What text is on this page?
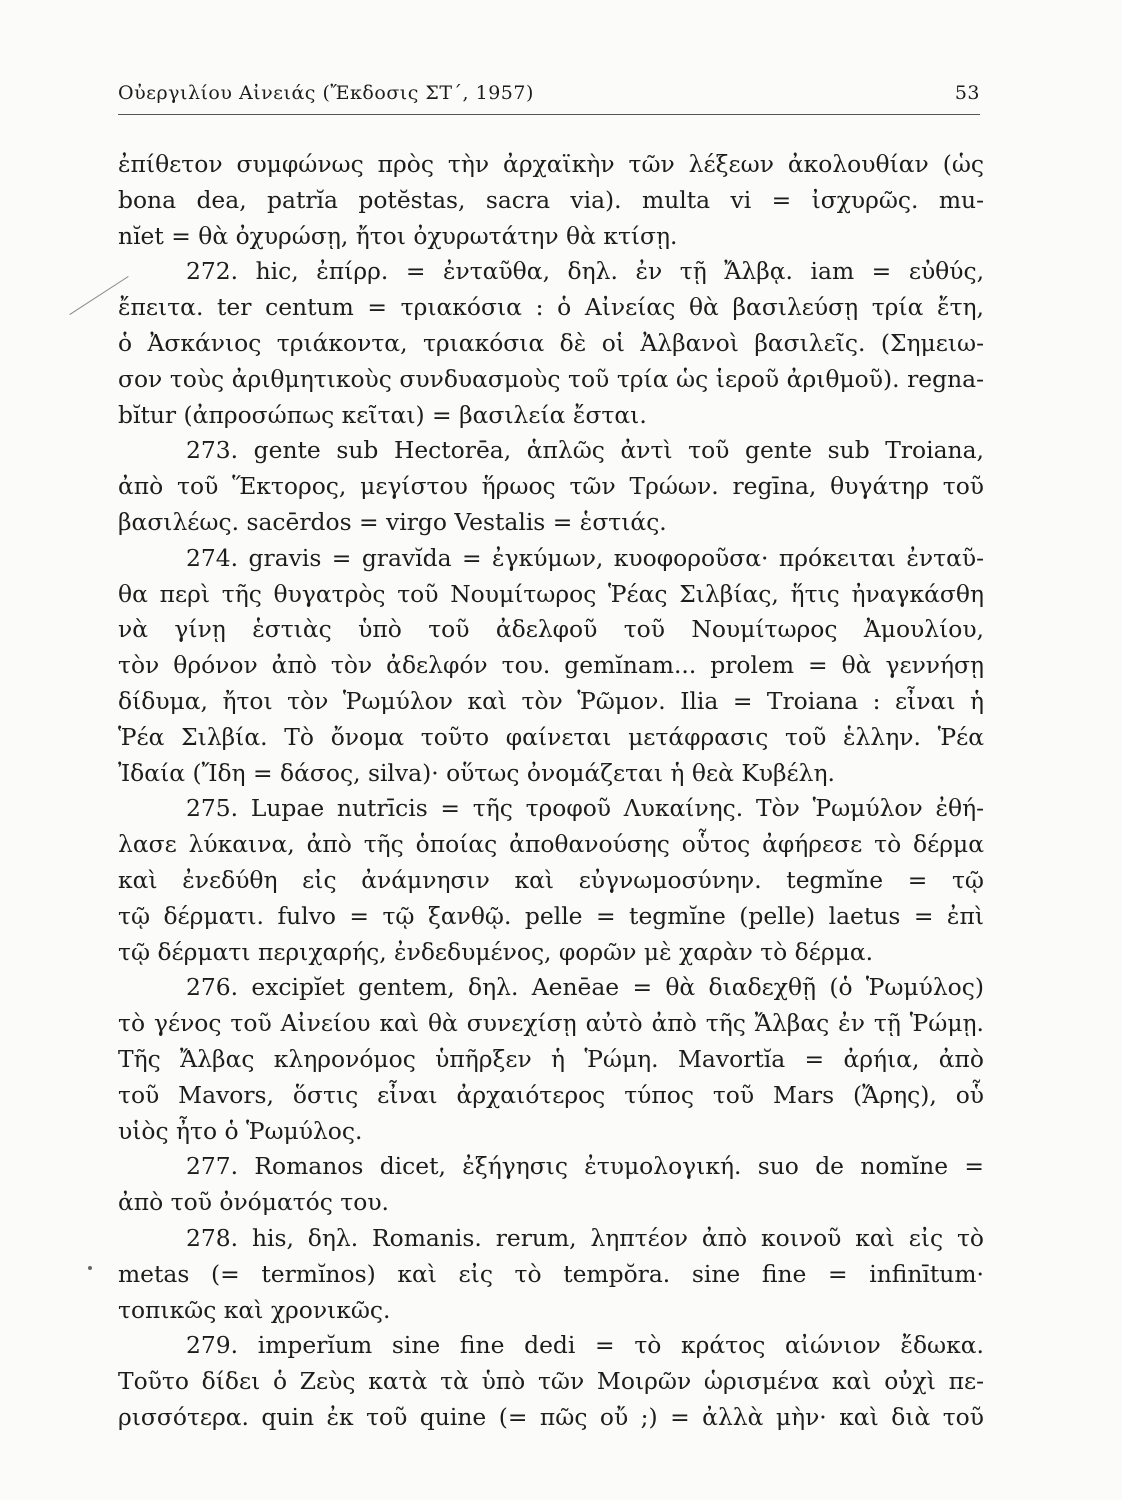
Οὐεργιλίου Αἰνειάς (Ἔκδοσις ΣΤ΄, 1957)	53
ἐπίθετον συμφώνως πρὸς τὴν ἀρχαϊκὴν τῶν λέξεων ἀκολουθίαν (ὡς
bona dea, patrĭa potĕstas, sacra via). multa vi = ἰσχυρῶς. mu-
nĭet = θὰ ὀχυρώσῃ, ἤτοι ὀχυρωτάτην θὰ κτίσῃ.
272. hic, ἐπίρρ. = ἐνταῦθα, δηλ. ἐν τῇ Ἄλβᾳ. iam = εὐθύς,
ἔπειτα. ter centum = τριακόσια : ὁ Αἰνείας θὰ βασιλεύσῃ τρία ἔτη,
ὁ Ἀσκάνιος τριάκοντα, τριακόσια δὲ οἱ Ἀλβανοὶ βασιλεῖς. (Σημειω-
σον τοὺς ἀριθμητικοὺς συνδυασμοὺς τοῦ τρία ὡς ἱεροῦ ἀριθμοῦ). regna-
bĭtur (ἀπροσώπως κεῖται) = βασιλεία ἔσται.
273. gente sub Hectorēa, ἁπλῶς ἀντὶ τοῦ gente sub Troiana,
ἀπὸ τοῦ Ἕκτορος, μεγίστου ἥρωος τῶν Τρώων. regīna, θυγάτηρ τοῦ
βασιλέως. sacērdos = virgo Vestalis = ἑστιάς.
274. gravis = gravĭda = ἐγκύμων, κυοφοροῦσα· πρόκειται ἐνταῦ-
θα περὶ τῆς θυγατρὸς τοῦ Νουμίτωρος Ῥέας Σιλβίας, ἥτις ἠναγκάσθη
νὰ γίνῃ ἑστιὰς ὑπὸ τοῦ ἀδελφοῦ τοῦ Νουμίτωρος Ἀμουλίου,
τὸν θρόνον ἀπὸ τὸν ἀδελφόν του. gemĭnam... prolem = θὰ γεννήσῃ
δίδυμα, ἤτοι τὸν Ῥωμύλον καὶ τὸν Ῥῶμον. Ilia = Troiana : εἶναι ἡ
Ῥέα Σιλβία. Τὸ ὄνομα τοῦτο φαίνεται μετάφρασις τοῦ ἑλλην. Ῥέα
Ἰδαία (Ἴδη = δάσος, silva)· οὕτως ὀνομάζεται ἡ θεὰ Κυβέλη.
275. Lupae nutrīcis = τῆς τροφοῦ Λυκαίνης. Τὸν Ῥωμύλον ἐθή-
λασε λύκαινα, ἀπὸ τῆς ὁποίας ἀποθανούσης οὗτος ἀφήρεσε τὸ δέρμα
καὶ ἐνεδύθη εἰς ἀνάμνησιν καὶ εὐγνωμοσύνην. tegmĭne = τῷ
τῷ δέρματι. fulvo = τῷ ξανθῷ. pelle = tegmĭne (pelle) laetus = ἐπὶ
τῷ δέρματι περιχαρής, ἐνδεδυμένος, φορῶν μὲ χαρὰν τὸ δέρμα.
276. excipĭet gentem, δηλ. Aenēae = θὰ διαδεχθῇ (ὁ Ῥωμύλος)
τὸ γένος τοῦ Αἰνείου καὶ θὰ συνεχίσῃ αὐτὸ ἀπὸ τῆς Ἄλβας ἐν τῇ Ῥώμῃ.
Τῆς Ἄλβας κληρονόμος ὑπῆρξεν ἡ Ῥώμη. Mavortĭa = ἀρήια, ἀπὸ
τοῦ Mavors, ὅστις εἶναι ἀρχαιότερος τύπος τοῦ Mars (Ἄρης), οὗ
υἱὸς ἦτο ὁ Ῥωμύλος.
277. Romanos dicet, ἐξήγησις ἐτυμολογική. suo de nomĭne =
ἀπὸ τοῦ ὀνόματός του.
278. his, δηλ. Romanis. rerum, ληπτέον ἀπὸ κοινοῦ καὶ εἰς τὸ
metas (= termĭnos) καὶ εἰς τὸ tempŏra. sine fine = infinītum·
τοπικῶς καὶ χρονικῶς.
279. imperĭum sine fine dedi = τὸ κράτος αἰώνιον ἔδωκα.
Τοῦτο δίδει ὁ Ζεὺς κατὰ τὰ ὑπὸ τῶν Μοιρῶν ὡρισμένα καὶ οὐχὶ πε-
ρισσότερα. quin ἐκ τοῦ quine (= πῶς οὔ ;) = ἀλλὰ μὴν· καὶ διὰ τοῦ
